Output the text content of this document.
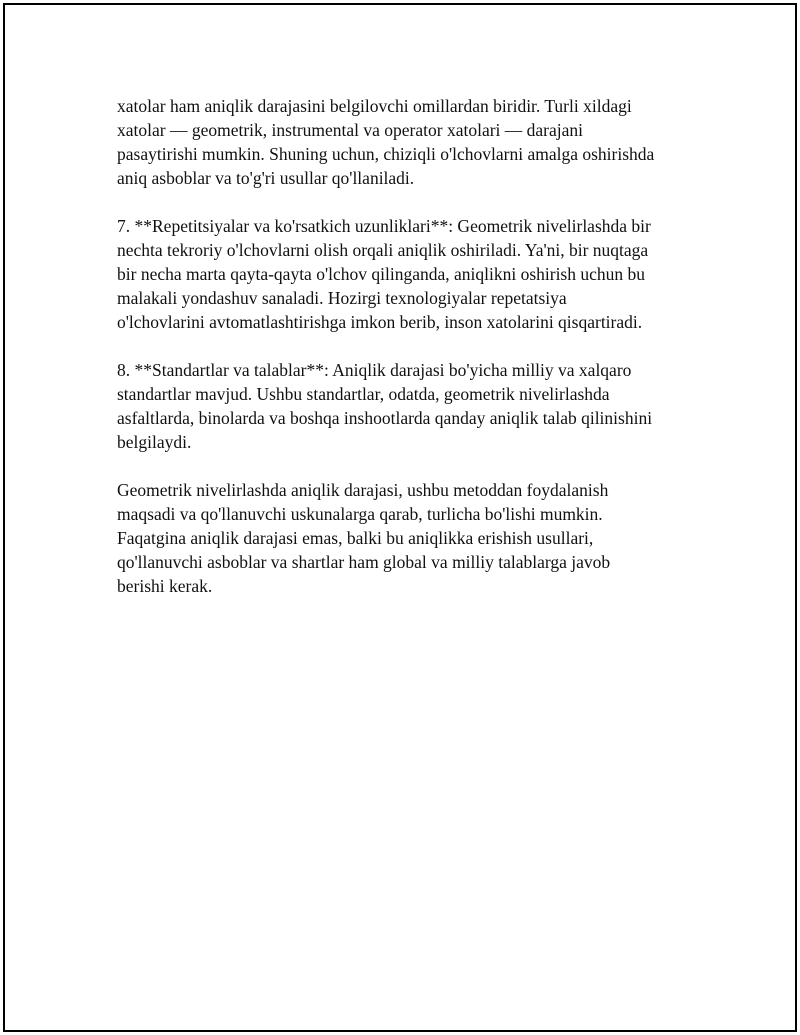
xatolar ham aniqlik darajasini belgilovchi omillardan biridir. Turli xildagi
xatolar — geometrik, instrumental va operator xatolari — darajani
pasaytirishi mumkin. Shuning uchun, chiziqli o'lchovlarni amalga oshirishda
aniq asboblar va to'g'ri usullar qo'llaniladi.

7. **Repetitsiyalar va ko'rsatkich uzunliklari**: Geometrik nivelirlashda bir
nechta tekroriy o'lchovlarni olish orqali aniqlik oshiriladi. Ya'ni, bir nuqtaga
bir necha marta qayta-qayta o'lchov qilinganda, aniqlikni oshirish uchun bu
malakali yondashuv sanaladi. Hozirgi texnologiyalar repetatsiya
o'lchovlarini avtomatlashtirishga imkon berib, inson xatolarini qisqartiradi.

8. **Standartlar va talablar**: Aniqlik darajasi bo'yicha milliy va xalqaro
standartlar mavjud. Ushbu standartlar, odatda, geometrik nivelirlashda
asfaltlarda, binolarda va boshqa inshootlarda qanday aniqlik talab qilinishini
belgilaydi.

Geometrik nivelirlashda aniqlik darajasi, ushbu metoddan foydalanish
maqsadi va qo'llanuvchi uskunalarga qarab, turlicha bo'lishi mumkin.
Faqatgina aniqlik darajasi emas, balki bu aniqlikka erishish usullari,
qo'llanuvchi asboblar va shartlar ham global va milliy talablarga javob
berishi kerak.
